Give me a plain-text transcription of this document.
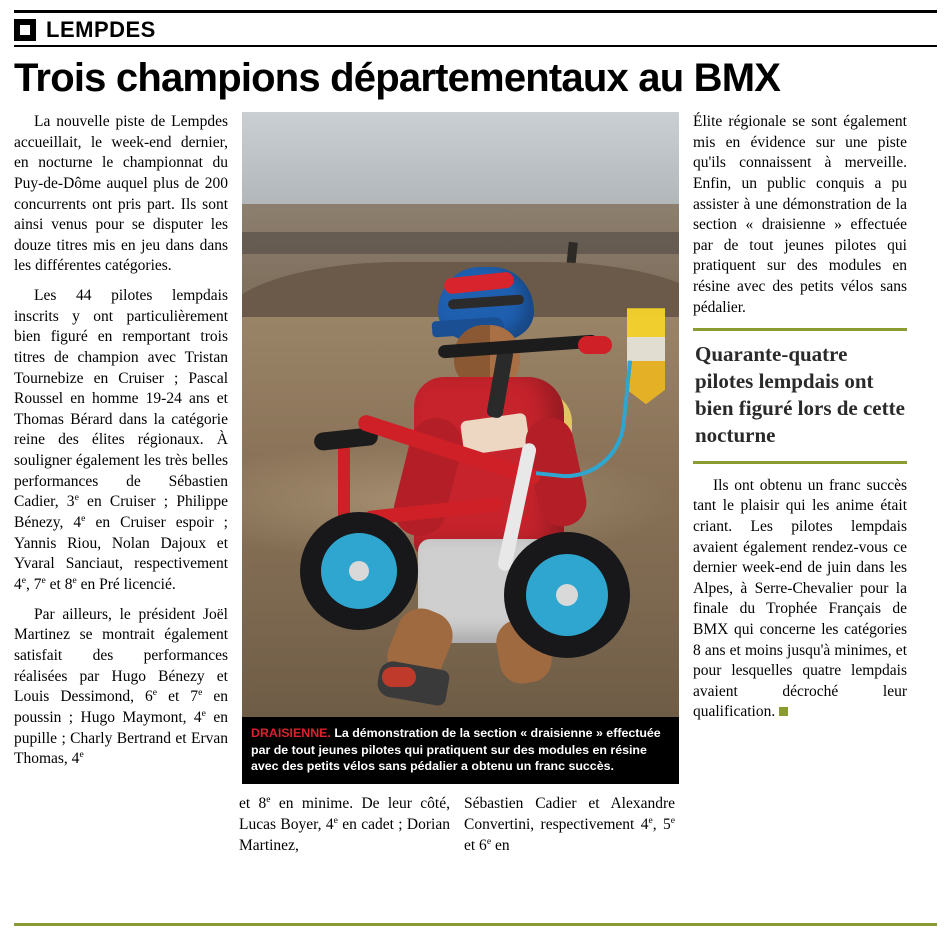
LEMPDES
Trois champions départementaux au BMX

La nouvelle piste de Lempdes accueillait, le week-end dernier, en nocturne le championnat du Puy-de-Dôme auquel plus de 200 concurrents ont pris part. Ils sont ainsi venus pour se disputer les douze titres mis en jeu dans dans les différentes catégories.

Les 44 pilotes lempdais inscrits y ont particulièrement bien figuré en remportant trois titres de champion avec Tristan Tournebize en Cruiser ; Pascal Roussel en homme 19-24 ans et Thomas Bérard dans la catégorie reine des élites régionaux. À souligner également les très belles performances de Sébastien Cadier, 3e en Cruiser ; Philippe Bénezy, 4e en Cruiser espoir ; Yannis Riou, Nolan Dajoux et Yvaral Sanciaut, respectivement 4e, 7e et 8e en Pré licencié.

Par ailleurs, le président Joël Martinez se montrait également satisfait des performances réalisées par Hugo Bénezy et Louis Dessimond, 6e et 7e en poussin ; Hugo Maymont, 4e en pupille ; Charly Bertrand et Ervan Thomas, 4e

DRAISIENNE. La démonstration de la section « draisienne » effectuée par de tout jeunes pilotes qui pratiquent sur des modules en résine avec des petits vélos sans pédalier a obtenu un franc succès.

Élite régionale se sont également mis en évidence sur une piste qu'ils connaissent à merveille. Enfin, un public conquis a pu assister à une démonstration de la section « draisienne » effectuée par de tout jeunes pilotes qui pratiquent sur des modules en résine avec des petits vélos sans pédalier.

Quarante-quatre pilotes lempdais ont bien figuré lors de cette nocturne

Ils ont obtenu un franc succès tant le plaisir qui les anime était criant. Les pilotes lempdais avaient également rendez-vous ce dernier week-end de juin dans les Alpes, à Serre-Chevalier pour la finale du Trophée Français de BMX qui concerne les catégories 8 ans et moins jusqu'à minimes, et pour lesquelles quatre lempdais avaient décroché leur qualification.

et 8e en minime. De leur côté, Lucas Boyer, 4e en cadet ; Dorian Martinez,

Sébastien Cadier et Alexandre Convertini, respectivement 4e, 5e et 6e en
